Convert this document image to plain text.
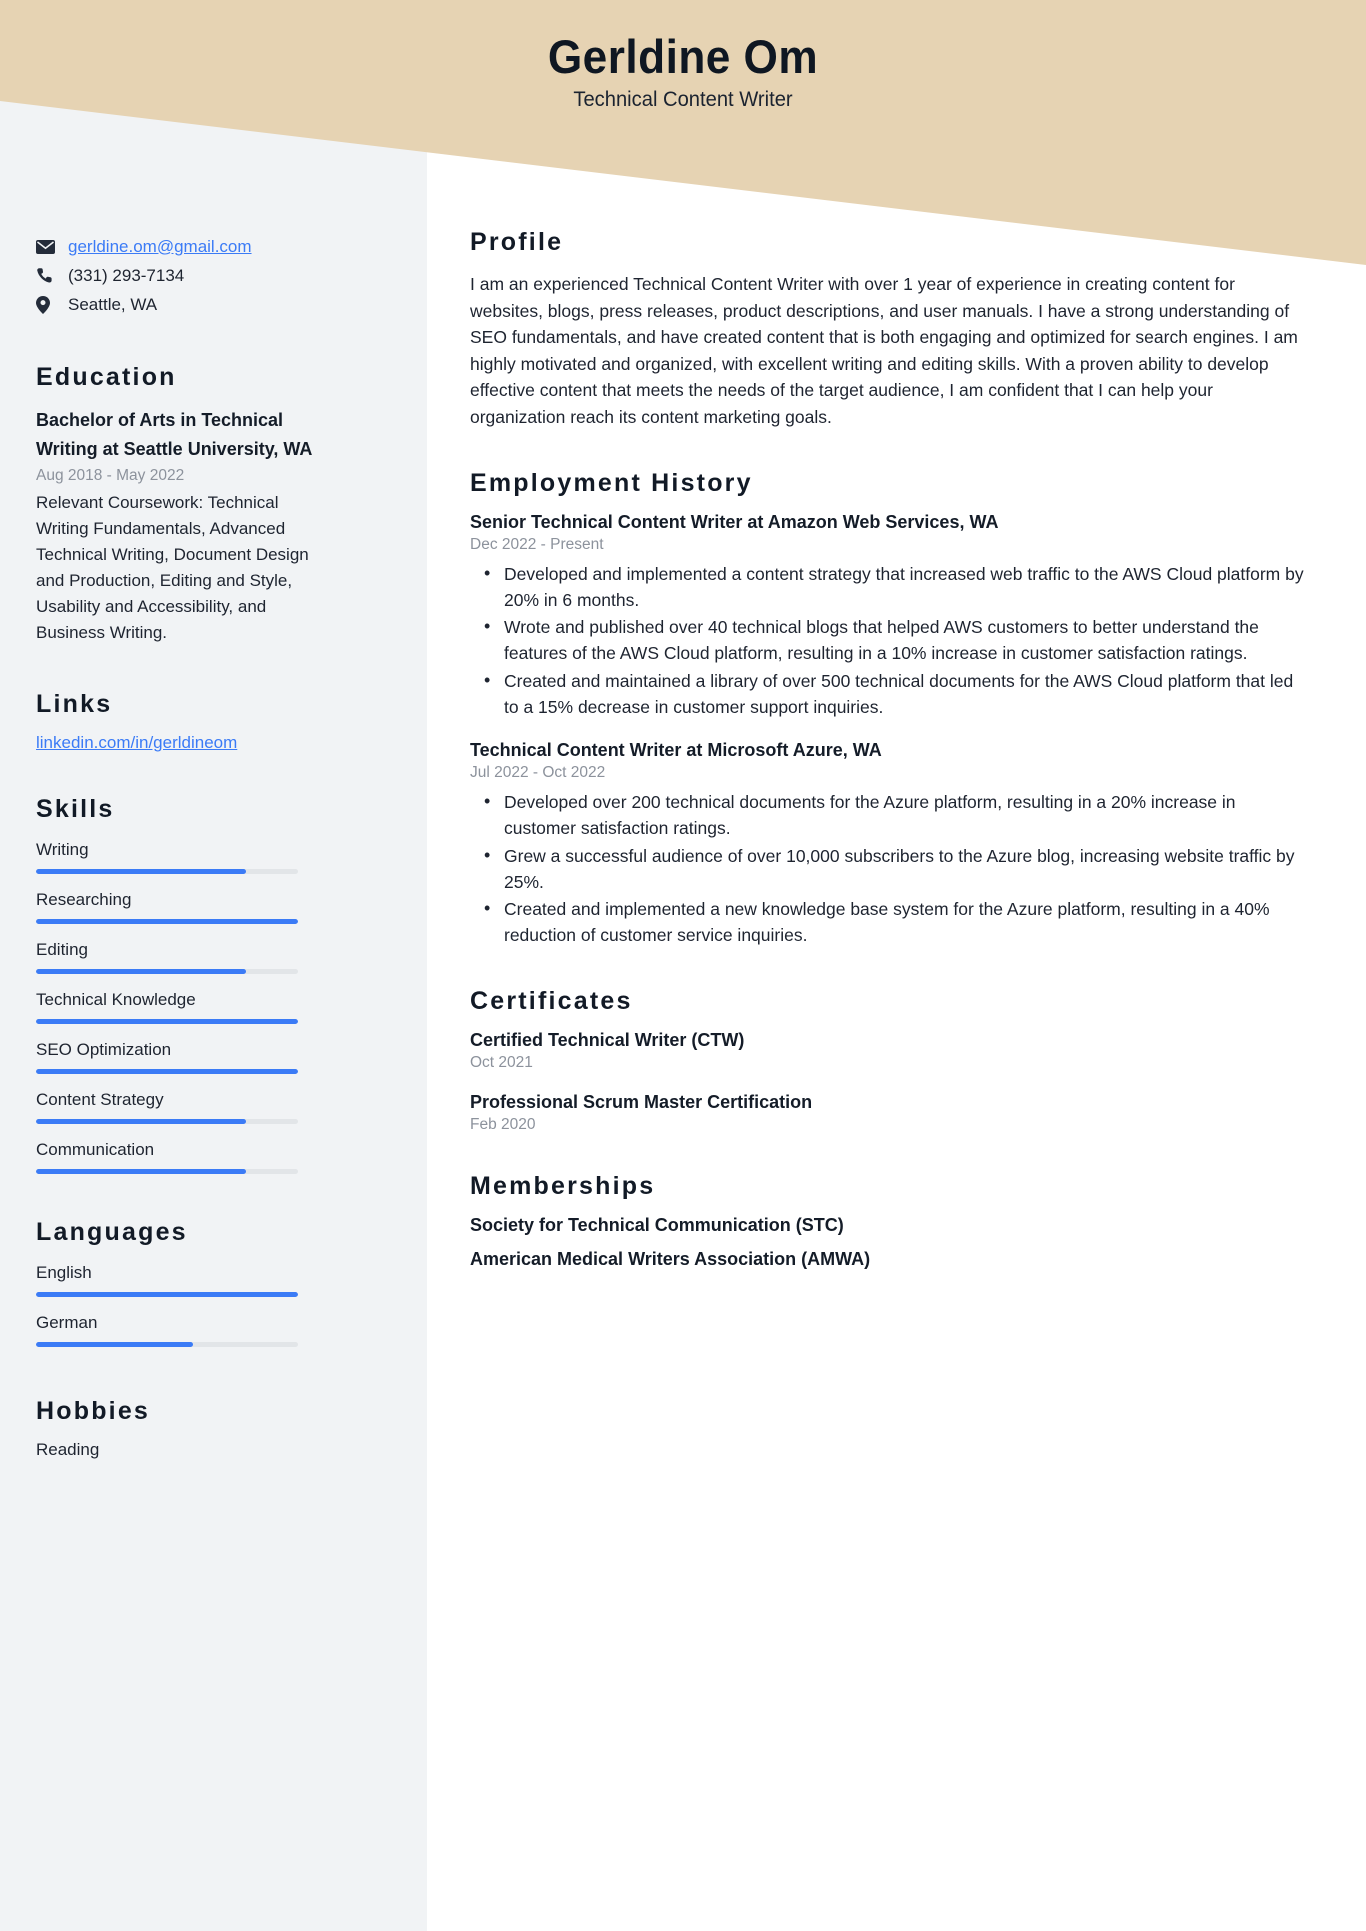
Gerldine Om
Technical Content Writer
gerldine.om@gmail.com
(331) 293-7134
Seattle, WA
Education
Bachelor of Arts in Technical Writing at Seattle University, WA
Aug 2018 - May 2022
Relevant Coursework: Technical Writing Fundamentals, Advanced Technical Writing, Document Design and Production, Editing and Style, Usability and Accessibility, and Business Writing.
Links
linkedin.com/in/gerldineom
Skills
Writing
Researching
Editing
Technical Knowledge
SEO Optimization
Content Strategy
Communication
Languages
English
German
Hobbies
Reading
Profile

I am an experienced Technical Content Writer with over 1 year of experience in creating content for websites, blogs, press releases, product descriptions, and user manuals. I have a strong understanding of SEO fundamentals, and have created content that is both engaging and optimized for search engines. I am highly motivated and organized, with excellent writing and editing skills. With a proven ability to develop effective content that meets the needs of the target audience, I am confident that I can help your organization reach its content marketing goals.

Employment History
Senior Technical Content Writer at Amazon Web Services, WA
Dec 2022 - Present
• Developed and implemented a content strategy that increased web traffic to the AWS Cloud platform by 20% in 6 months.
• Wrote and published over 40 technical blogs that helped AWS customers to better understand the features of the AWS Cloud platform, resulting in a 10% increase in customer satisfaction ratings.
• Created and maintained a library of over 500 technical documents for the AWS Cloud platform that led to a 15% decrease in customer support inquiries.
Technical Content Writer at Microsoft Azure, WA
Jul 2022 - Oct 2022
• Developed over 200 technical documents for the Azure platform, resulting in a 20% increase in customer satisfaction ratings.
• Grew a successful audience of over 10,000 subscribers to the Azure blog, increasing website traffic by 25%.
• Created and implemented a new knowledge base system for the Azure platform, resulting in a 40% reduction of customer service inquiries.
Certificates
Certified Technical Writer (CTW)
Oct 2021
Professional Scrum Master Certification
Feb 2020
Memberships
Society for Technical Communication (STC)
American Medical Writers Association (AMWA)
